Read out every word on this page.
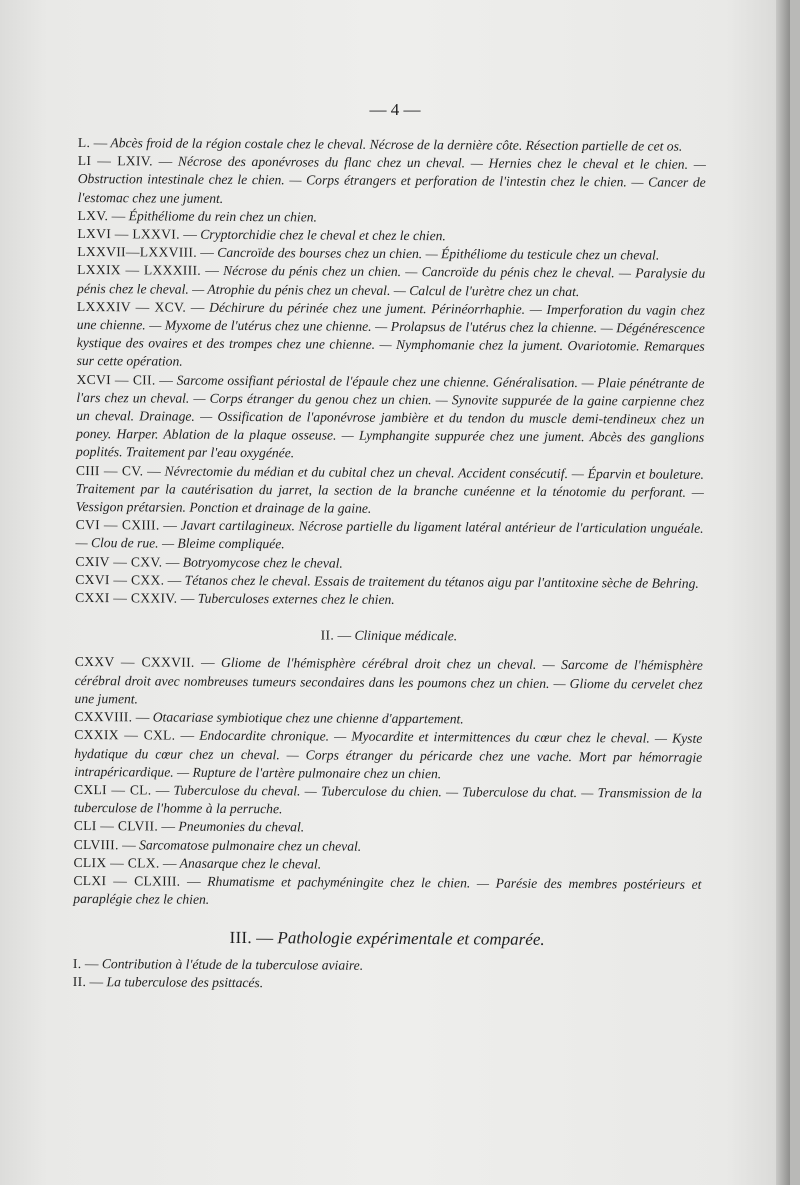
— 4 —

L. — Abcès froid de la région costale chez le cheval. Nécrose de la dernière côte. Résection partielle de cet os.

LI — LXIV. — Nécrose des aponévroses du flanc chez un cheval. — Hernies chez le cheval et le chien. — Obstruction intestinale chez le chien. — Corps étrangers et perforation de l'intestin chez le chien. — Cancer de l'estomac chez une jument.

LXV. — Épithéliome du rein chez un chien.

LXVI — LXXVI. — Cryptorchidie chez le cheval et chez le chien.

LXXVII—LXXVIII. — Cancroïde des bourses chez un chien. — Épithéliome du testicule chez un cheval.

LXXIX — LXXXIII. — Nécrose du pénis chez un chien. — Cancroïde du pénis chez le cheval. — Paralysie du pénis chez le cheval. — Atrophie du pénis chez un cheval. — Calcul de l'urètre chez un chat.

LXXXIV — XCV. — Déchirure du périnée chez une jument. Périnéorrhaphie. — Imperforation du vagin chez une chienne. — Myxome de l'utérus chez une chienne. — Prolapsus de l'utérus chez la chienne. — Dégénérescence kystique des ovaires et des trompes chez une chienne. — Nymphomanie chez la jument. Ovariotomie. Remarques sur cette opération.

XCVI — CII. — Sarcome ossifiant périostal de l'épaule chez une chienne. Généralisation. — Plaie pénétrante de l'ars chez un cheval. — Corps étranger du genou chez un chien. — Synovite suppurée de la gaine carpienne chez un cheval. Drainage. — Ossification de l'aponévrose jambière et du tendon du muscle demi-tendineux chez un poney. Harper. Ablation de la plaque osseuse. — Lymphangite suppurée chez une jument. Abcès des ganglions poplités. Traitement par l'eau oxygénée.

CIII — CV. — Névrectomie du médian et du cubital chez un cheval. Accident consécutif. — Éparvin et bouleture. Traitement par la cautérisation du jarret, la section de la branche cunéenne et la ténotomie du perforant. — Vessigon prétarsien. Ponction et drainage de la gaine.

CVI — CXIII. — Javart cartilagineux. Nécrose partielle du ligament latéral antérieur de l'articulation unguéale. — Clou de rue. — Bleime compliquée.

CXIV — CXV. — Botryomycose chez le cheval.

CXVI — CXX. — Tétanos chez le cheval. Essais de traitement du tétanos aigu par l'antitoxine sèche de Behring.

CXXI — CXXIV. — Tuberculoses externes chez le chien.

II. — Clinique médicale.

CXXV — CXXVII. — Gliome de l'hémisphère cérébral droit chez un cheval. — Sarcome de l'hémisphère cérébral droit avec nombreuses tumeurs secondaires dans les poumons chez un chien. — Gliome du cervelet chez une jument.

CXXVIII. — Otacariase symbiotique chez une chienne d'appartement.

CXXIX — CXL. — Endocardite chronique. — Myocardite et intermittences du cœur chez le cheval. — Kyste hydatique du cœur chez un cheval. — Corps étranger du péricarde chez une vache. Mort par hémorragie intrapéricardique. — Rupture de l'artère pulmonaire chez un chien.

CXLI — CL. — Tuberculose du cheval. — Tuberculose du chien. — Tuberculose du chat. — Transmission de la tuberculose de l'homme à la perruche.

CLI — CLVII. — Pneumonies du cheval.

CLVIII. — Sarcomatose pulmonaire chez un cheval.

CLIX — CLX. — Anasarque chez le cheval.

CLXI — CLXIII. — Rhumatisme et pachyméningite chez le chien. — Parésie des membres postérieurs et paraplégie chez le chien.

III. — Pathologie expérimentale et comparée.

I. — Contribution à l'étude de la tuberculose aviaire.

II. — La tuberculose des psittacés.
